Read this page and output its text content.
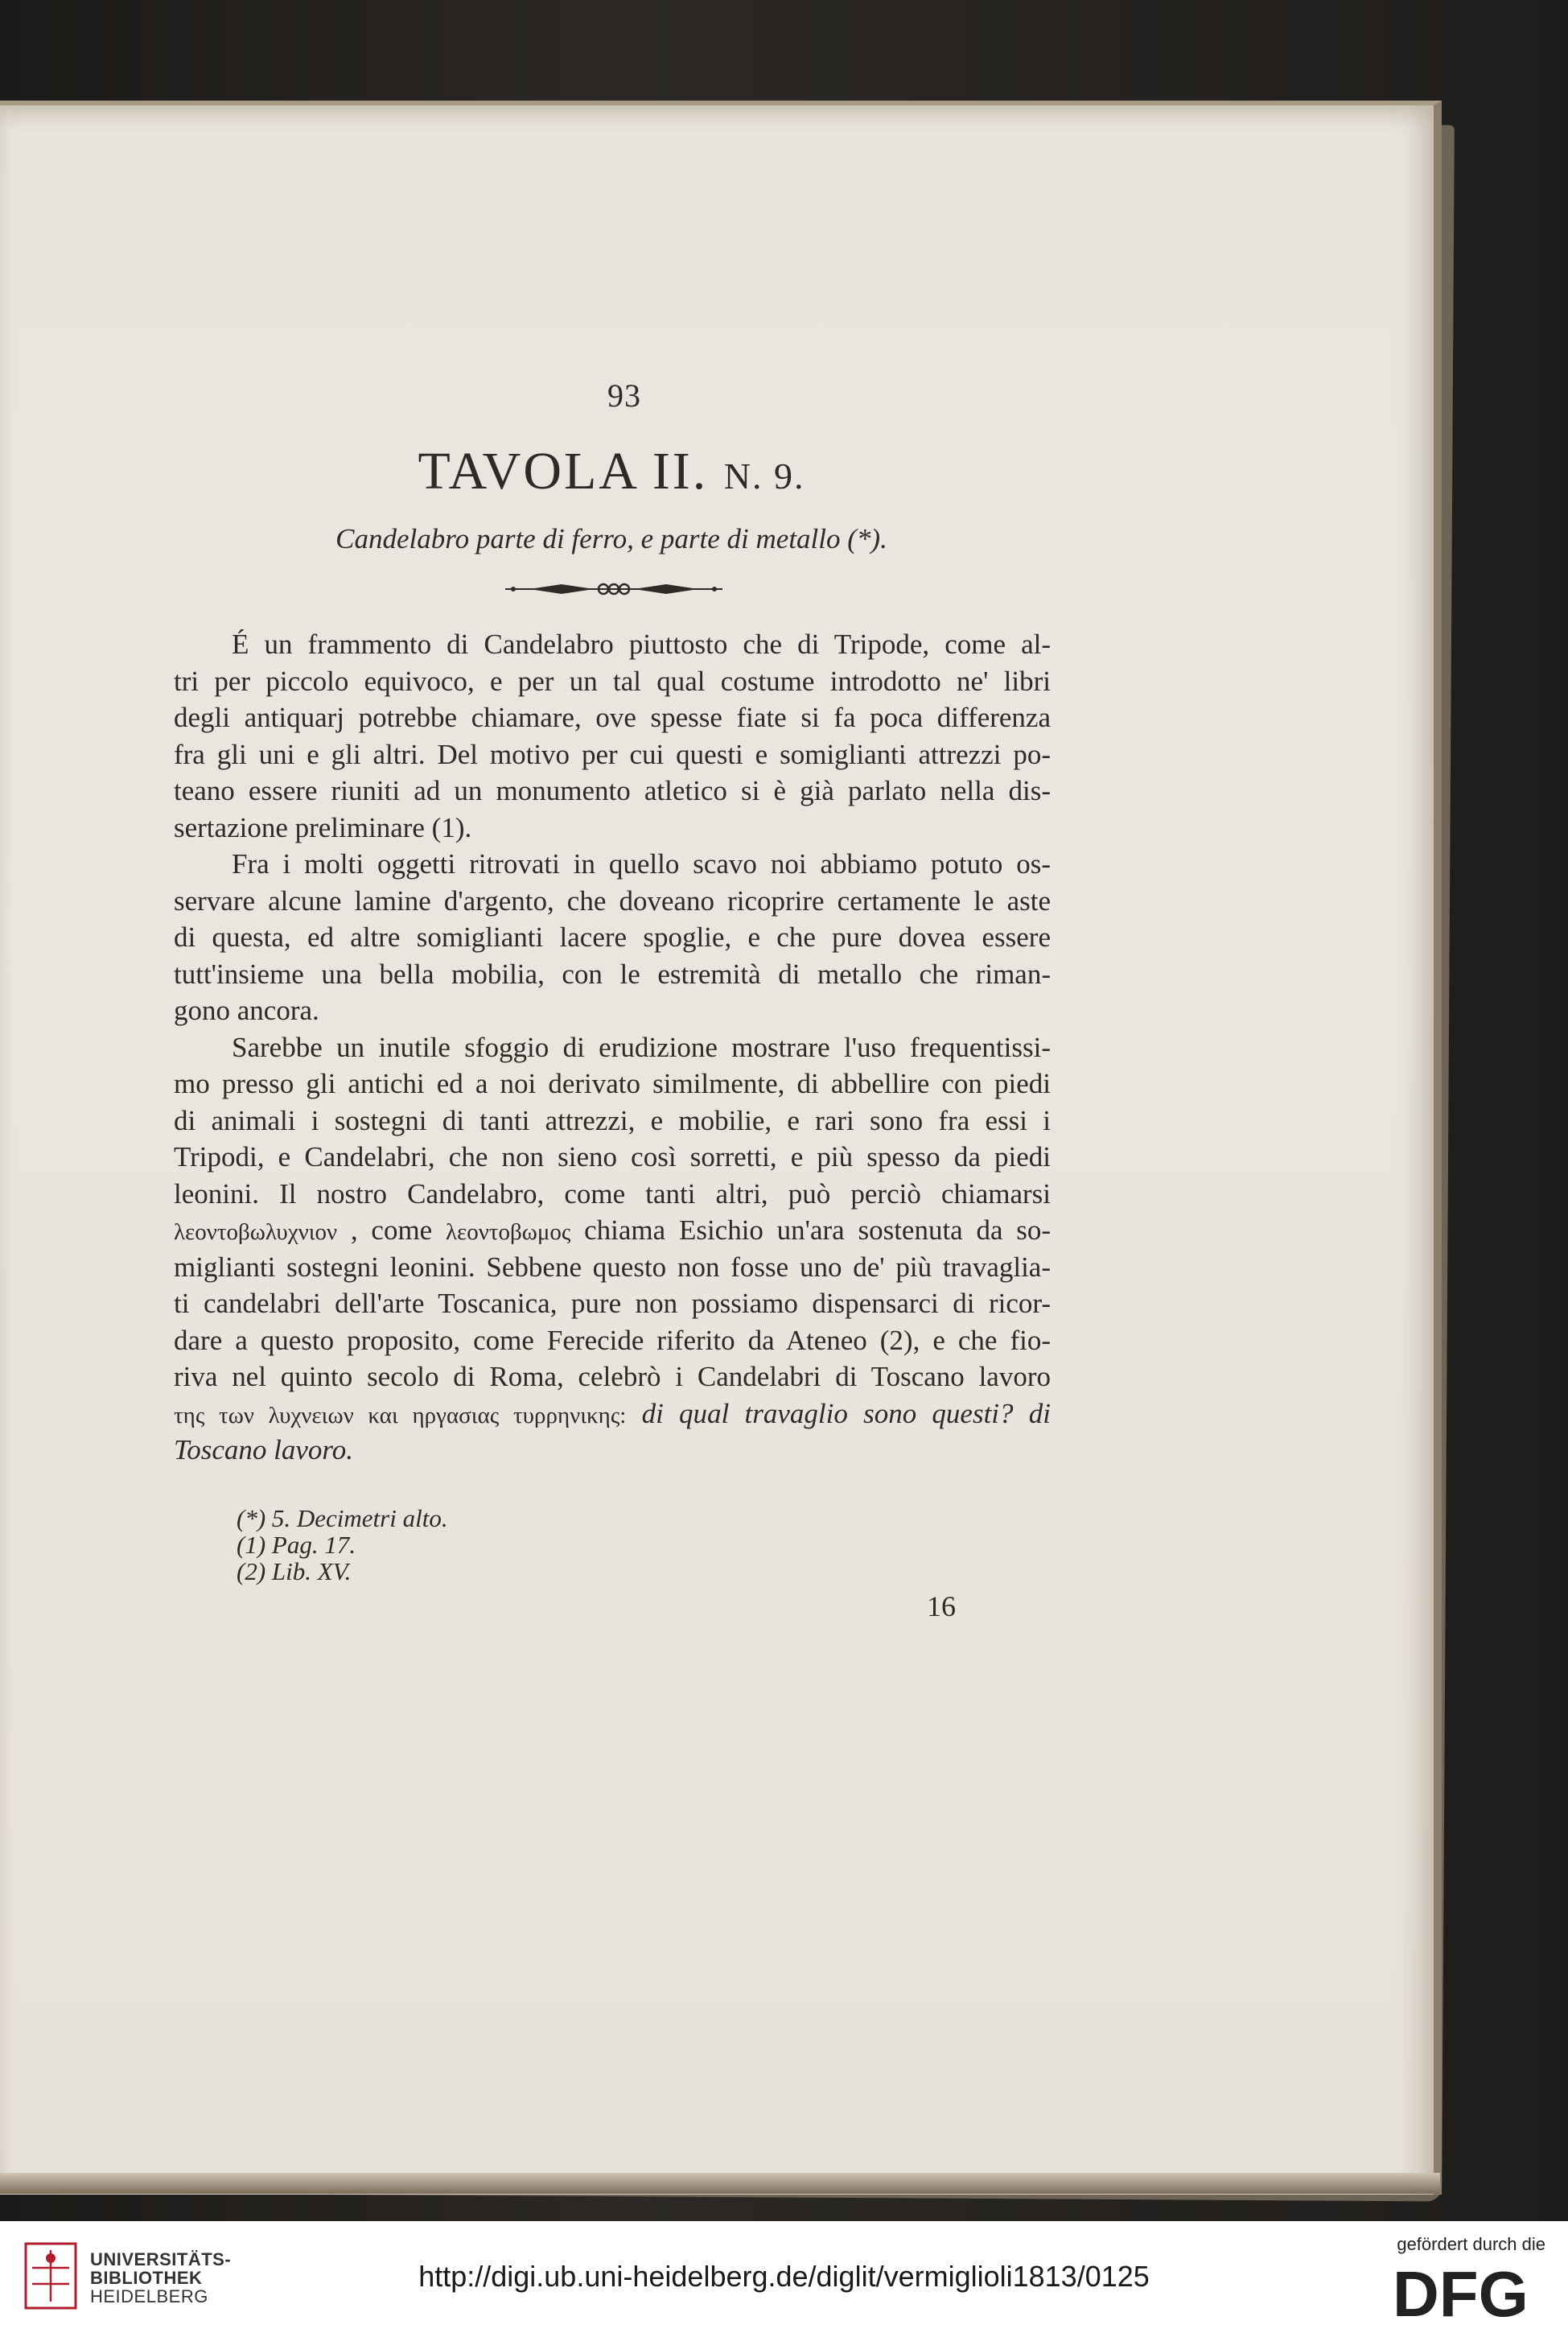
93
TAVOLA II. N. 9.
Candelabro parte di ferro, e parte di metallo (*).
É un frammento di Candelabro piuttosto che di Tripode, come al-
tri per piccolo equivoco, e per un tal qual costume introdotto ne' libri
degli antiquarj potrebbe chiamare, ove spesse fiate si fa poca differenza
fra gli uni e gli altri. Del motivo per cui questi e somiglianti attrezzi po-
teano essere riuniti ad un monumento atletico si è già parlato nella dis-
sertazione preliminare (1).
Fra i molti oggetti ritrovati in quello scavo noi abbiamo potuto os-
servare alcune lamine d'argento, che doveano ricoprire certamente le aste
di questa, ed altre somiglianti lacere spoglie, e che pure dovea essere
tutt'insieme una bella mobilia, con le estremità di metallo che riman-
gono ancora.
Sarebbe un inutile sfoggio di erudizione mostrare l'uso frequentissi-
mo presso gli antichi ed a noi derivato similmente, di abbellire con piedi
di animali i sostegni di tanti attrezzi, e mobilie, e rari sono fra essi i
Tripodi, e Candelabri, che non sieno così sorretti, e più spesso da piedi
leonini. Il nostro Candelabro, come tanti altri, può perciò chiamarsi
λεοντοβωλυχνιον , come λεοντοβωμος chiama Esichio un'ara sostenuta da so-
miglianti sostegni leonini. Sebbene questo non fosse uno de' più travaglia-
ti candelabri dell'arte Toscanica, pure non possiamo dispensarci di ricor-
dare a questo proposito, come Ferecide riferito da Ateneo (2), e che fio-
riva nel quinto secolo di Roma, celebrò i Candelabri di Toscano lavoro
της των λυχνειων και ηργασιας τυρρηνικης: di qual travaglio sono questi? di
Toscano lavoro.
(*) 5. Decimetri alto.
(1) Pag. 17.
(2) Lib. XV.
16
UNIVERSITÄTS-
BIBLIOTHEK
HEIDELBERG
http://digi.ub.uni-heidelberg.de/diglit/vermiglioli1813/0125
gefördert durch die
DFG
